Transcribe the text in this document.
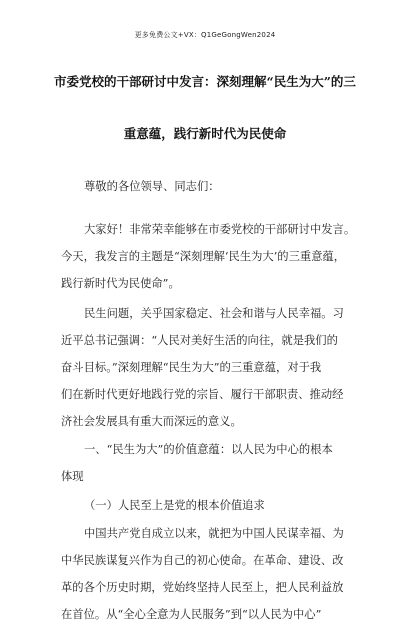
更多免费公文+VX：Q1GeGongWen2024
市委党校的干部研讨中发言：深刻理解“民生为大”的三
重意蕴，践行新时代为民使命
尊敬的各位领导、同志们：
大家好！非常荣幸能够在市委党校的干部研讨中发言。
今天，我发言的主题是“深刻理解‘民生为大’的三重意蕴，
践行新时代为民使命”。
民生问题，关乎国家稳定、社会和谐与人民幸福。习
近平总书记强调：“人民对美好生活的向往，就是我们的
奋斗目标。”深刻理解“民生为大”的三重意蕴，对于我
们在新时代更好地践行党的宗旨、履行干部职责、推动经
济社会发展具有重大而深远的意义。
一、“民生为大”的价值意蕴：以人民为中心的根本
体现
（一）人民至上是党的根本价值追求
中国共产党自成立以来，就把为中国人民谋幸福、为
中华民族谋复兴作为自己的初心使命。在革命、建设、改
革的各个历史时期，党始终坚持人民至上，把人民利益放
在首位。从“全心全意为人民服务”到“以人民为中心”
